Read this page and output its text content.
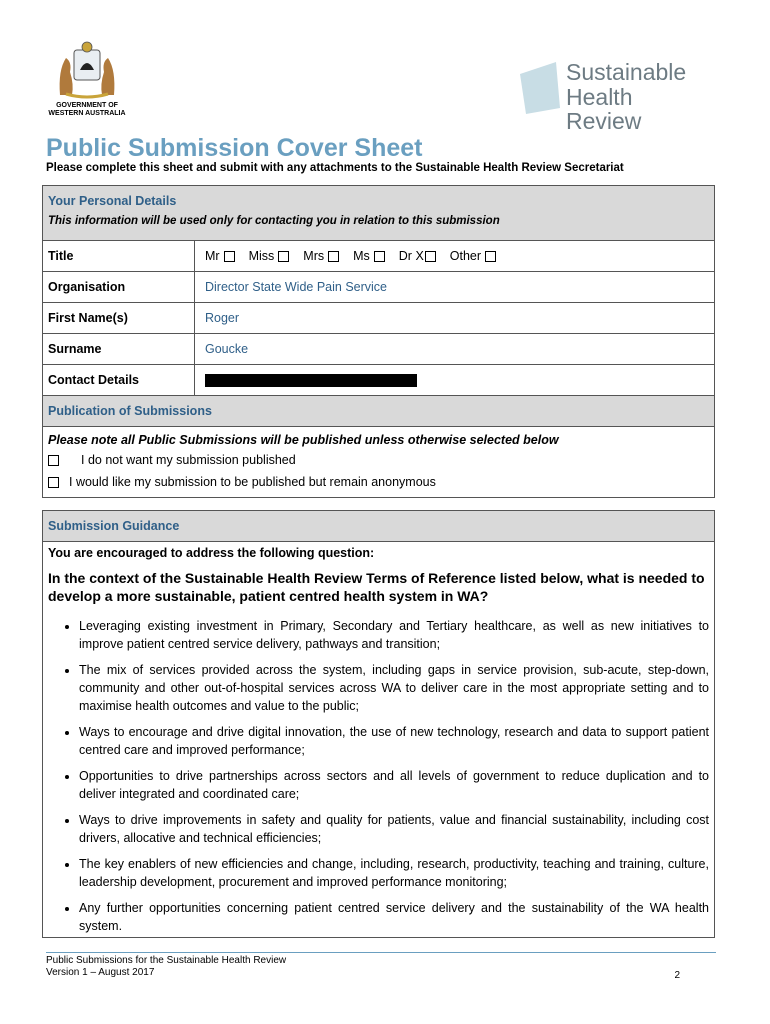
GOVERNMENT OF
WESTERN AUSTRALIA
Sustainable
Health Review
Public Submission Cover Sheet
Please complete this sheet and submit with any attachments to the Sustainable Health Review Secretariat
Your Personal Details
This information will be used only for contacting you in relation to this submission
Title	Mr Miss Mrs Ms Dr X Other
Organisation	Director State Wide Pain Service
First Name(s)	Roger
Surname	Goucke
Contact Details
Publication of Submissions
Please note all Public Submissions will be published unless otherwise selected below
I do not want my submission published
I would like my submission to be published but remain anonymous
Submission Guidance
You are encouraged to address the following question:
In the context of the Sustainable Health Review Terms of Reference listed below, what is needed to develop a more sustainable, patient centred health system in WA?
• Leveraging existing investment in Primary, Secondary and Tertiary healthcare, as well as new initiatives to improve patient centred service delivery, pathways and transition;
• The mix of services provided across the system, including gaps in service provision, sub-acute, step-down, community and other out-of-hospital services across WA to deliver care in the most appropriate setting and to maximise health outcomes and value to the public;
• Ways to encourage and drive digital innovation, the use of new technology, research and data to support patient centred care and improved performance;
• Opportunities to drive partnerships across sectors and all levels of government to reduce duplication and to deliver integrated and coordinated care;
• Ways to drive improvements in safety and quality for patients, value and financial sustainability, including cost drivers, allocative and technical efficiencies;
• The key enablers of new efficiencies and change, including, research, productivity, teaching and training, culture, leadership development, procurement and improved performance monitoring;
• Any further opportunities concerning patient centred service delivery and the sustainability of the WA health system.
Public Submissions for the Sustainable Health Review
Version 1 – August 2017	2
